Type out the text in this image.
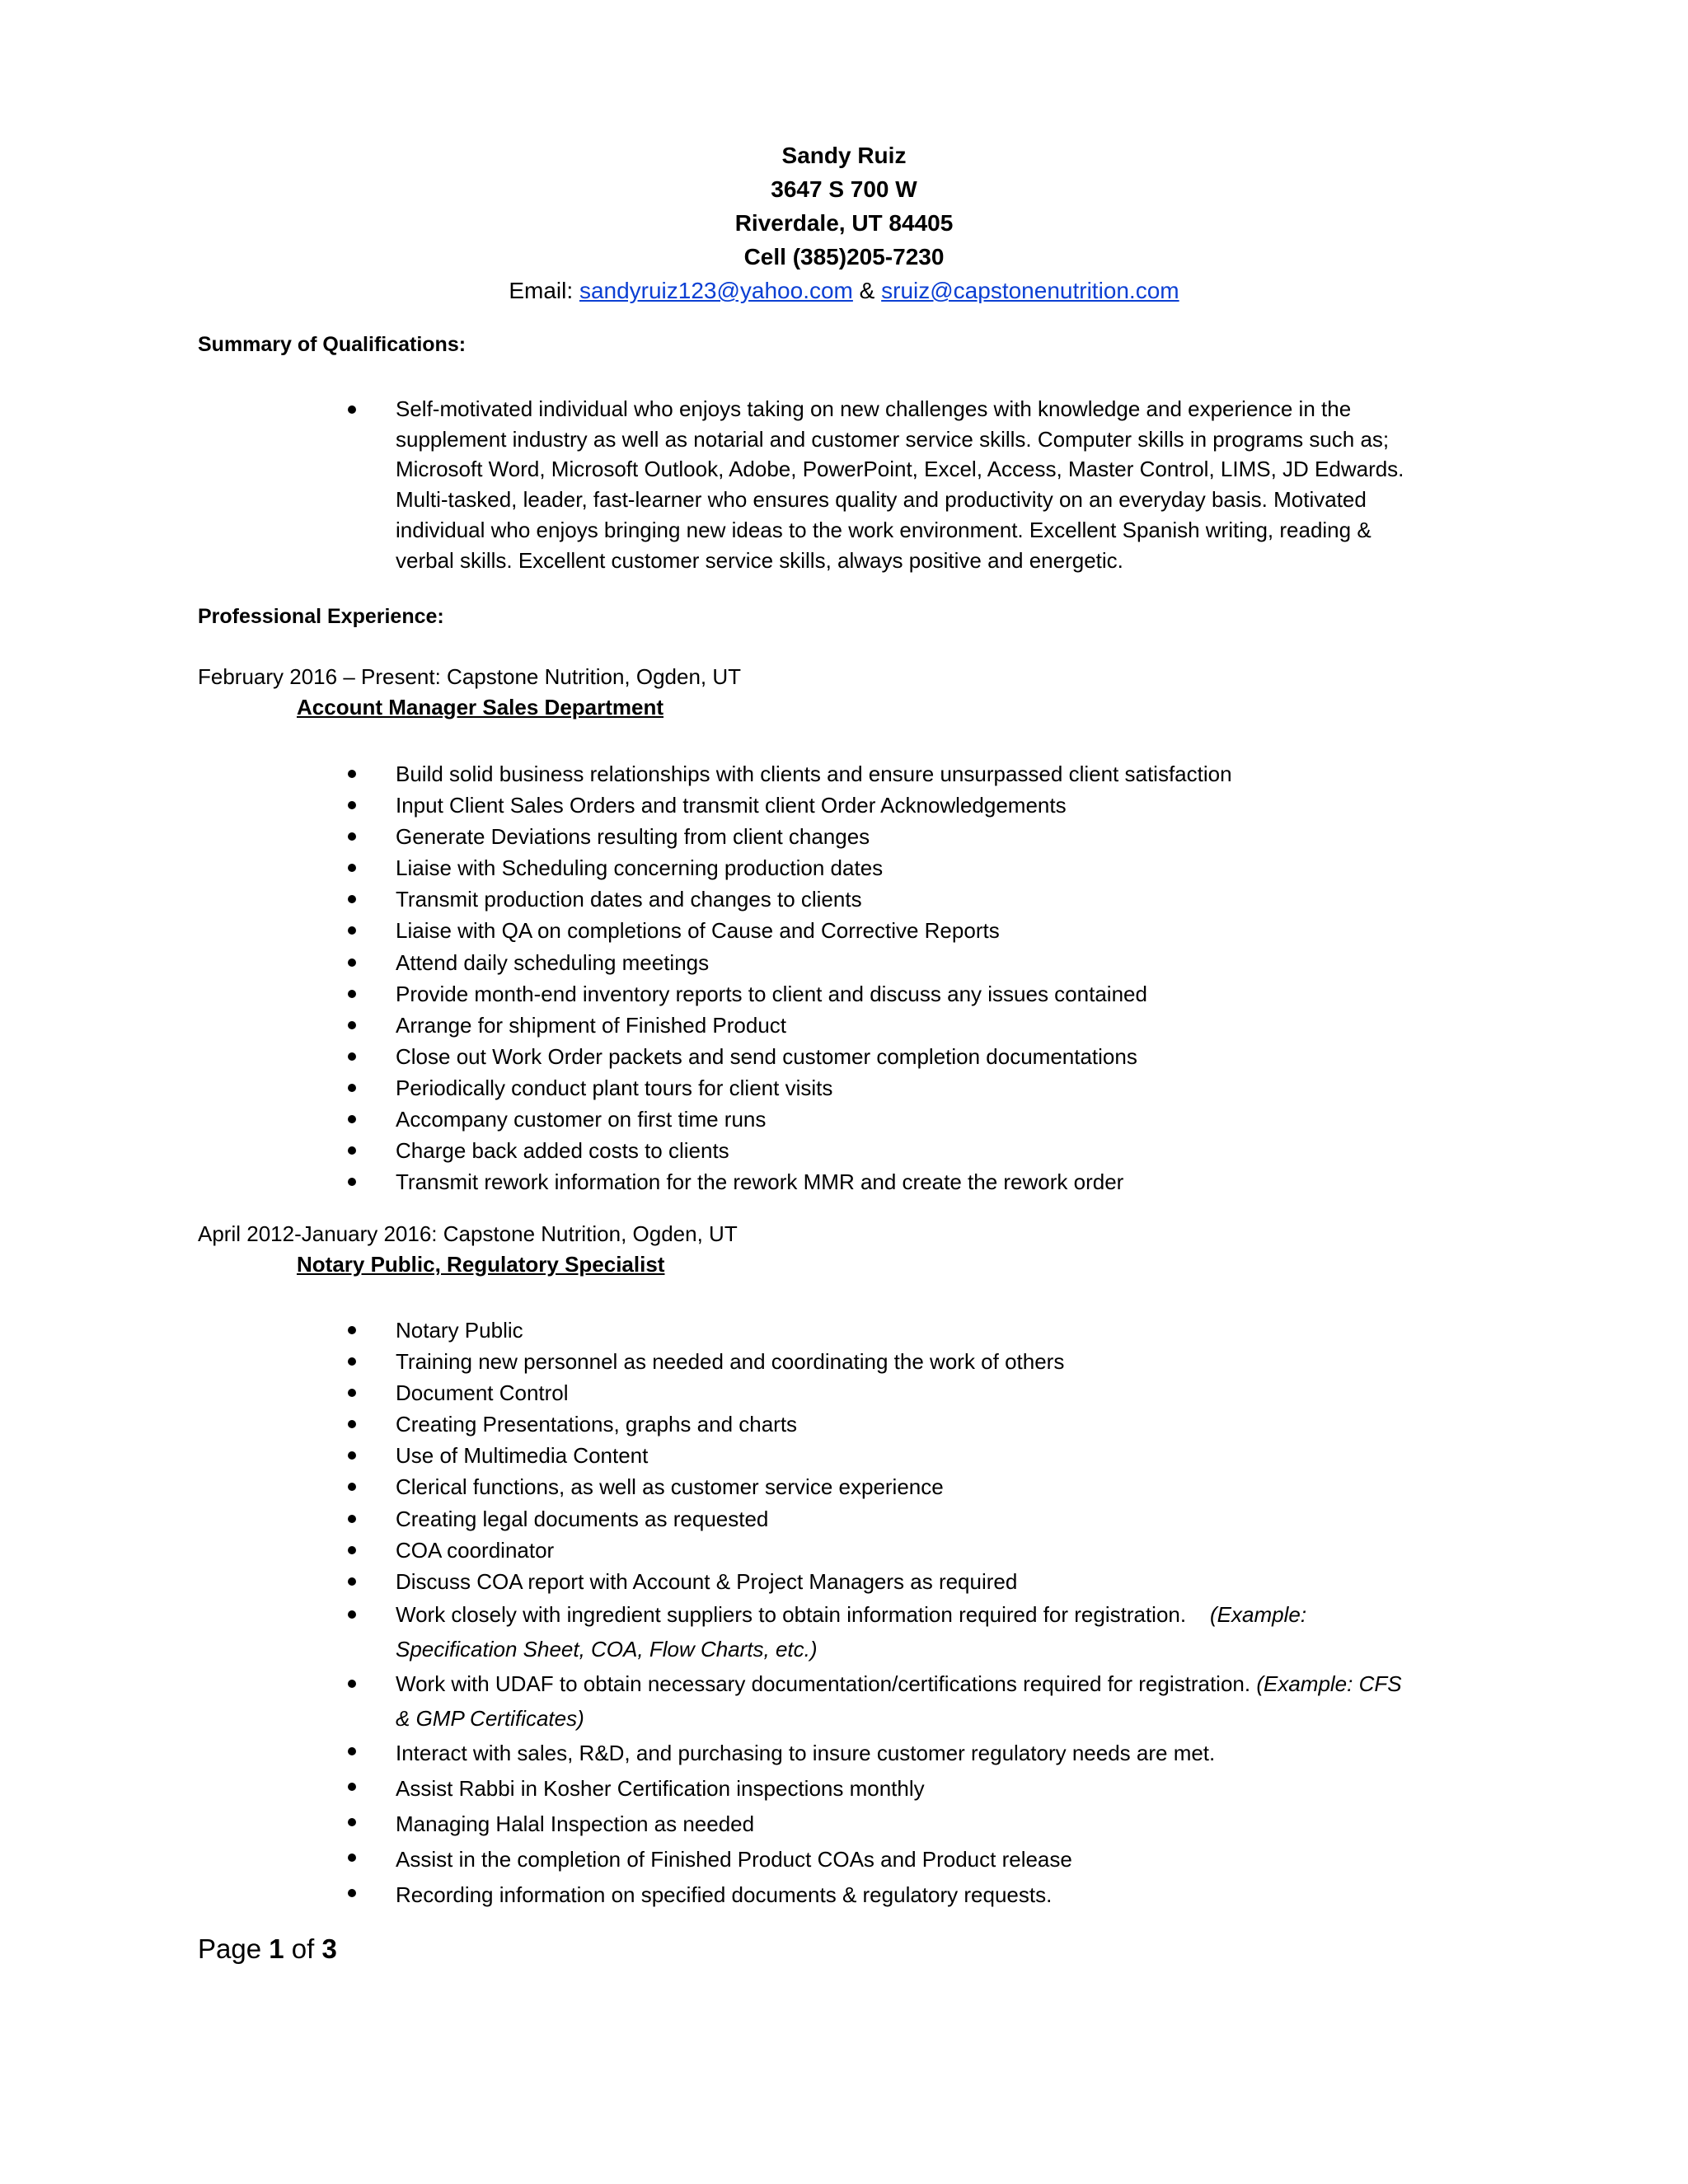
Sandy Ruiz
3647 S 700 W
Riverdale, UT 84405
Cell (385)205-7230
Email: sandyruiz123@yahoo.com & sruiz@capstonenutrition.com
Summary of Qualifications:
Self-motivated individual who enjoys taking on new challenges with knowledge and experience in the
supplement industry as well as notarial and customer service skills. Computer skills in programs such as;
Microsoft Word, Microsoft Outlook, Adobe, PowerPoint, Excel, Access, Master Control, LIMS, JD Edwards.
Multi-tasked, leader, fast-learner who ensures quality and productivity on an everyday basis. Motivated
individual who enjoys bringing new ideas to the work environment. Excellent Spanish writing, reading &
verbal skills. Excellent customer service skills, always positive and energetic.
Professional Experience:
February 2016 – Present: Capstone Nutrition, Ogden, UT
Account Manager Sales Department
Build solid business relationships with clients and ensure unsurpassed client satisfaction
Input Client Sales Orders and transmit client Order Acknowledgements
Generate Deviations resulting from client changes
Liaise with Scheduling concerning production dates
Transmit production dates and changes to clients
Liaise with QA on completions of Cause and Corrective Reports
Attend daily scheduling meetings
Provide month-end inventory reports to client and discuss any issues contained
Arrange for shipment of Finished Product
Close out Work Order packets and send customer completion documentations
Periodically conduct plant tours for client visits
Accompany customer on first time runs
Charge back added costs to clients
Transmit rework information for the rework MMR and create the rework order
April 2012-January 2016: Capstone Nutrition, Ogden, UT
Notary Public, Regulatory Specialist
Notary Public
Training new personnel as needed and coordinating the work of others
Document Control
Creating Presentations, graphs and charts
Use of Multimedia Content
Clerical functions, as well as customer service experience
Creating legal documents as requested
COA coordinator
Discuss COA report with Account & Project Managers as required
Work closely with ingredient suppliers to obtain information required for registration. (Example:
Specification Sheet, COA, Flow Charts, etc.)
Work with UDAF to obtain necessary documentation/certifications required for registration. (Example: CFS
& GMP Certificates)
Interact with sales, R&D, and purchasing to insure customer regulatory needs are met.
Assist Rabbi in Kosher Certification inspections monthly
Managing Halal Inspection as needed
Assist in the completion of Finished Product COAs and Product release
Recording information on specified documents & regulatory requests.
Page 1 of 3
